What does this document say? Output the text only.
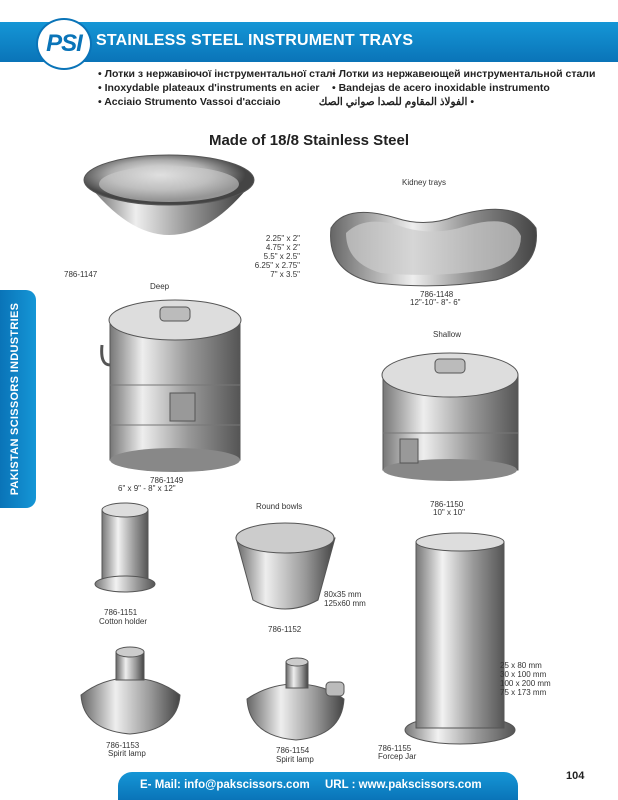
PSI STAINLESS STEEL INSTRUMENT TRAYS
• Лотки з нержавіючої інструментальної сталі
• Лотки из нержавеющей инструментальной стали
• Inoxydable plateaux d'instruments en acier • Bandejas de acero inoxidable instrumento
• Acciaio Strumento Vassoi d'acciaio	• الفولاذ المقاوم للصدا صواني الصك
Made of 18/8 Stainless Steel
PAKISTAN SCISSORS INDUSTRIES
786-1147
Deep
2.25" x 2"
4.75" x 2"
5.5" x 2.5"
6.25" x 2.75"
7" x 3.5"
Kidney trays
786-1148
12"-10"- 8"- 6"
786-1149
6" x 9" - 8" x 12"
Shallow
786-1150
10" x 10"
786-1151
Cotton holder
Round bowls
80x35 mm
125x60 mm
786-1152
25 x 80 mm
30 x 100 mm
100 x 200 mm
75 x 173 mm
786-1155
Forcep Jar
786-1153
Spirit lamp	786-1154
Spirit lamp
E- Mail: info@pakscissors.com URL : www.pakscissors.com
104
